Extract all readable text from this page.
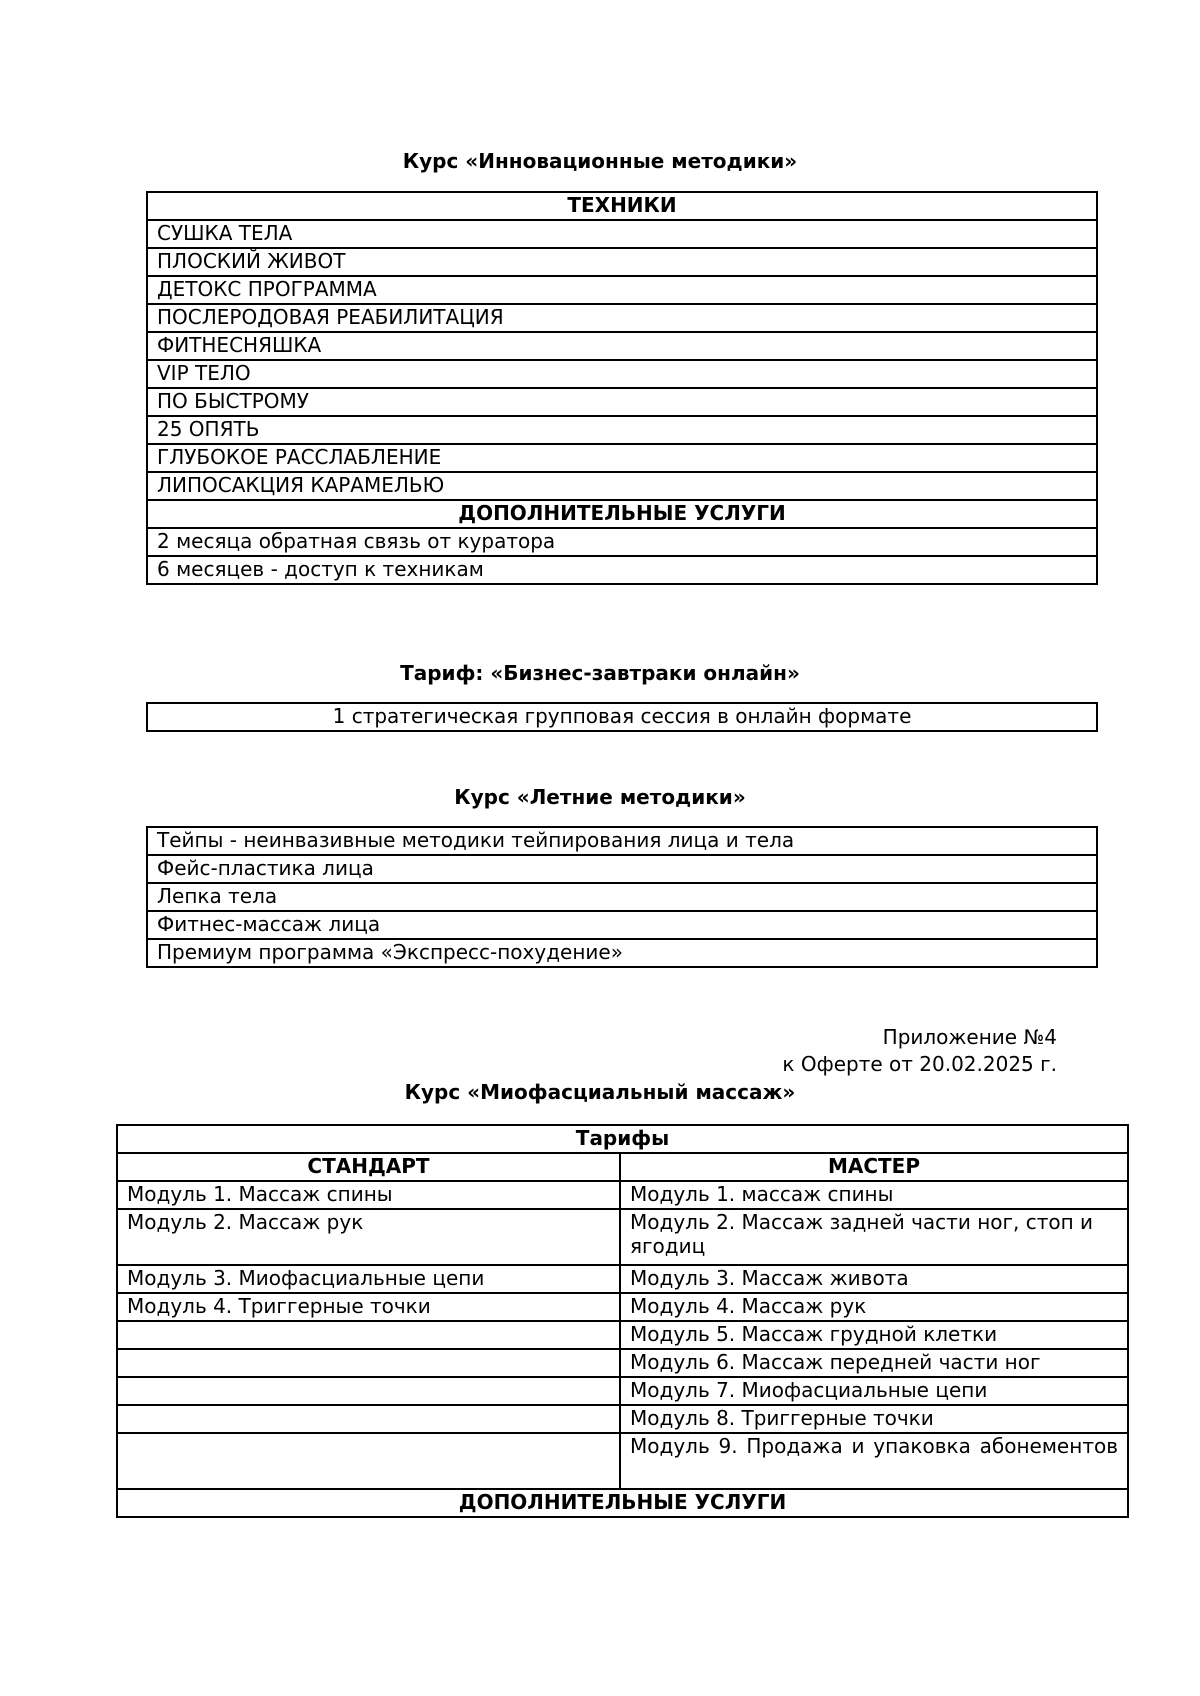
Курс «Инновационные методики»
ТЕХНИКИ
СУШКА ТЕЛА
ПЛОСКИЙ ЖИВОТ
ДЕТОКС ПРОГРАММА
ПОСЛЕРОДОВАЯ РЕАБИЛИТАЦИЯ
ФИТНЕСНЯШКА
VIP ТЕЛО
ПО БЫСТРОМУ
25 ОПЯТЬ
ГЛУБОКОЕ РАССЛАБЛЕНИЕ
ЛИПОСАКЦИЯ КАРАМЕЛЬЮ
ДОПОЛНИТЕЛЬНЫЕ УСЛУГИ
2 месяца обратная связь от куратора
6 месяцев - доступ к техникам
Тариф: «Бизнес-завтраки онлайн»
1 стратегическая групповая сессия в онлайн формате
Курс «Летние методики»
Тейпы - неинвазивные методики тейпирования лица и тела
Фейс-пластика лица
Лепка тела
Фитнес-массаж лица
Премиум программа «Экспресс-похудение»
Приложение №4
к Оферте от 20.02.2025 г.
Курс «Миофасциальный массаж»
Тарифы	
СТАНДАРТ	МАСТЕР
Модуль 1. Массаж спины	Модуль 1. массаж спины
Модуль 2. Массаж рук	Модуль 2. Массаж задней части ног, стоп и ягодиц
Модуль 3. Миофасциальные цепи	Модуль 3. Массаж живота
Модуль 4. Триггерные точки	Модуль 4. Массаж рук
	Модуль 5. Массаж грудной клетки
	Модуль 6. Массаж передней части ног
	Модуль 7. Миофасциальные цепи
	Модуль 8. Триггерные точки
	Модуль 9. Продажа и упаковка абонементов
ДОПОЛНИТЕЛЬНЫЕ УСЛУГИ	
